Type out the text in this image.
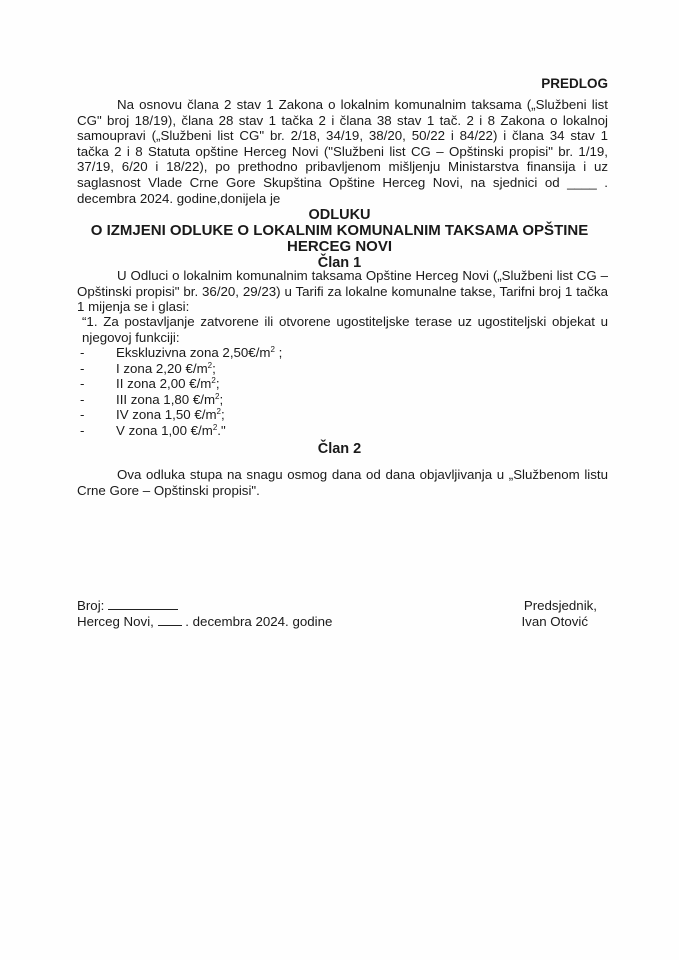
PREDLOG
Na osnovu člana 2 stav 1 Zakona o lokalnim komunalnim taksama („Službeni list CG" broj 18/19), člana 28 stav 1 tačka 2 i člana 38 stav 1 tač. 2 i 8 Zakona o lokalnoj samoupravi („Službeni list CG" br. 2/18, 34/19, 38/20, 50/22 i 84/22) i člana 34 stav 1 tačka 2 i 8 Statuta opštine Herceg Novi ("Službeni list CG – Opštinski propisi" br. 1/19, 37/19, 6/20 i 18/22), po prethodno pribavljenom mišljenju Ministarstva finansija i uz saglasnost Vlade Crne Gore Skupština Opštine Herceg Novi, na sjednici od ____ . decembra 2024. godine,donijela je
ODLUKU
O IZMJENI ODLUKE O LOKALNIM KOMUNALNIM TAKSAMA OPŠTINE
HERCEG NOVI
Član 1
U Odluci o lokalnim komunalnim taksama Opštine Herceg Novi („Službeni list CG – Opštinski propisi" br. 36/20, 29/23) u Tarifi za lokalne komunalne takse, Tarifni broj 1 tačka 1 mijenja se i glasi:
“1. Za postavljanje zatvorene ili otvorene ugostiteljske terase uz ugostiteljski objekat u njegovoj funkciji:
- Ekskluzivna zona $2,50€/m^2$ ;
- I zona 2,20 $€/m^2$;
- II zona 2,00 $€/m^2$;
- III zona 1,80 $€/m^2$;
- IV zona 1,50 $€/m^2$;
- V zona 1,00 $€/m^2$."
Član 2
Ova odluka stupa na snagu osmog dana od dana objavljivanja u „Službenom listu Crne Gore – Opštinski propisi".
Broj:
Herceg Novi, . decembra 2024. godine
Predsjednik,
Ivan Otović
